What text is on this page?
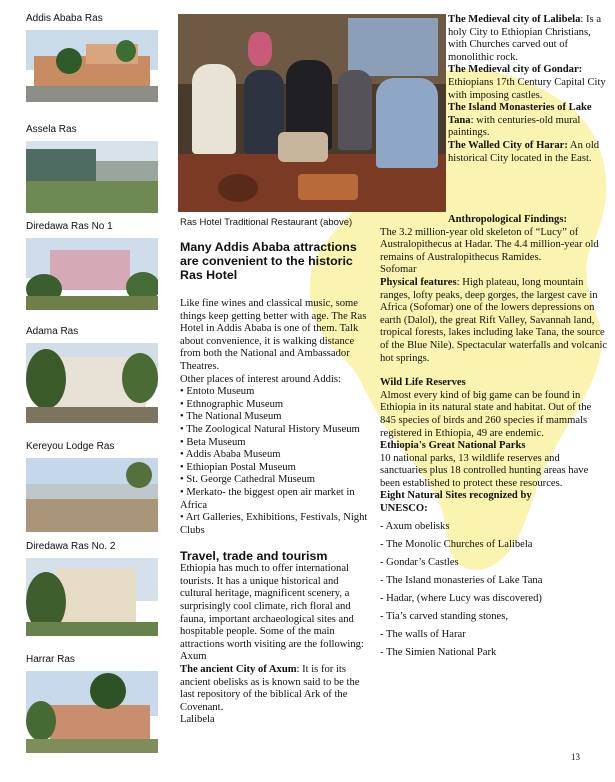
Addis Ababa Ras
Assela Ras
Diredawa Ras No 1
Adama Ras
Kereyou Lodge Ras
Diredawa Ras No. 2
Harrar Ras
Ras Hotel Traditional Restaurant (above)
Many Addis Ababa attractions are convenient to the historic Ras Hotel
Like fine wines and classical music, some things keep getting better with age. The Ras Hotel in Addis Ababa is one of them. Talk about convenience, it is walking distance from both the National and Ambassador Theatres.
Other places of interest around Addis:
• Entoto Museum
• Ethnographic Museum
• The National Museum
• The Zoological Natural History Museum
• Beta Museum
• Addis Ababa Museum
• Ethiopian Postal Museum
• St. George Cathedral Museum
• Merkato- the biggest open air market in Africa
• Art Galleries, Exhibitions, Festivals, Night Clubs
Travel, trade and tourism
Ethiopia has much to offer international tourists. It has a unique historical and cultural heritage, magnificent scenery, a surprisingly cool climate, rich floral and fauna, important archaeological sites and hospitable people. Some of the main attractions worth visiting are the following:
Axum
The ancient City of Axum: It is for its ancient obelisks as is known said to be the last repository of the biblical Ark of the Covenant.
Lalibela
The Medieval city of Lalibela: Is a holy City to Ethiopian Christians, with Churches carved out of monolithic rock.
The Medieval city of Gondar: Ethiopians 17th Century Capital City with imposing castles.
The Island Monasteries of Lake Tana: with centuries-old mural paintings.
The Walled City of Harar: An old historical City located in the East.
Anthropological Findings:
The 3.2 million-year old skeleton of “Lucy” of Australopithecus at Hadar. The 4.4 million-year old remains of Australopithecus Ramides.
Sofomar
Physical features: High plateau, long mountain ranges, lofty peaks, deep gorges, the largest cave in Africa (Sofomar) one of the lowers depressions on earth (Dalol), the great Rift Valley, Savannah land, tropical forests, lakes including lake Tana, the source of the Blue Nile). Spectacular waterfalls and volcanic hot springs.
Wild Life Reserves
Almost every kind of big game can be found in Ethiopia in its natural state and habitat. Out of the 845 species of birds and 260 species if mammals registered in Ethiopia, 49 are endemic.
Ethiopia's Great National Parks
10 national parks, 13 wildlife reserves and sanctuaries plus 18 controlled hunting areas have been established to protect these resources.
Eight Natural Sites recognized by UNESCO:
- Axum obelisks
- The Monolic Churches of Lalibela
- Gondar’s Castles
- The Island monasteries of Lake Tana
- Hadar, (where Lucy was discovered)
- Tia’s carved standing stones,
- The walls of Harar
- The Simien National Park
13
